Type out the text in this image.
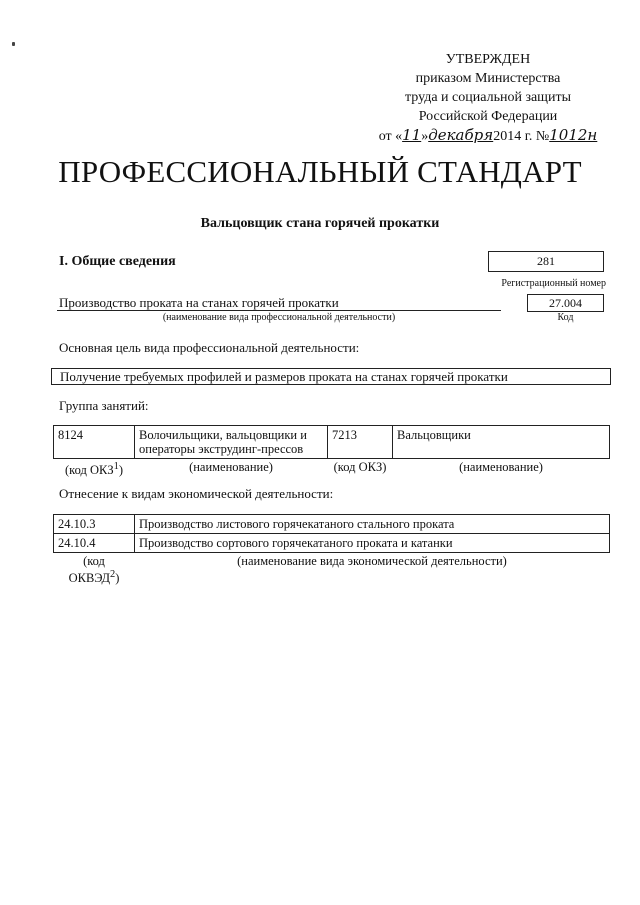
УТВЕРЖДЕН
приказом Министерства
труда и социальной защиты
Российской Федерации
от «11»декабря2014 г. №1012н
ПРОФЕССИОНАЛЬНЫЙ СТАНДАРТ
Вальцовщик стана горячей прокатки
I. Общие сведения	281
Регистрационный номер
Производство проката на станах горячей прокатки
(наименование вида профессиональной деятельности)
27.004
Код
Основная цель вида профессиональной деятельности:
Получение требуемых профилей и размеров проката на станах горячей прокатки
Группа занятий:
8124	Волочильщики, вальцовщики и операторы экструдинг-прессов	7213	Вальцовщики
(код ОКЗ$^1$)	(наименование)	(код ОКЗ)	(наименование)
Отнесение к видам экономической деятельности:
24.10.3	Производство листового горячекатаного стального проката
24.10.4	Производство сортового горячекатаного проката и катанки
(код ОКВЭД$^2$)	(наименование вида экономической деятельности)
